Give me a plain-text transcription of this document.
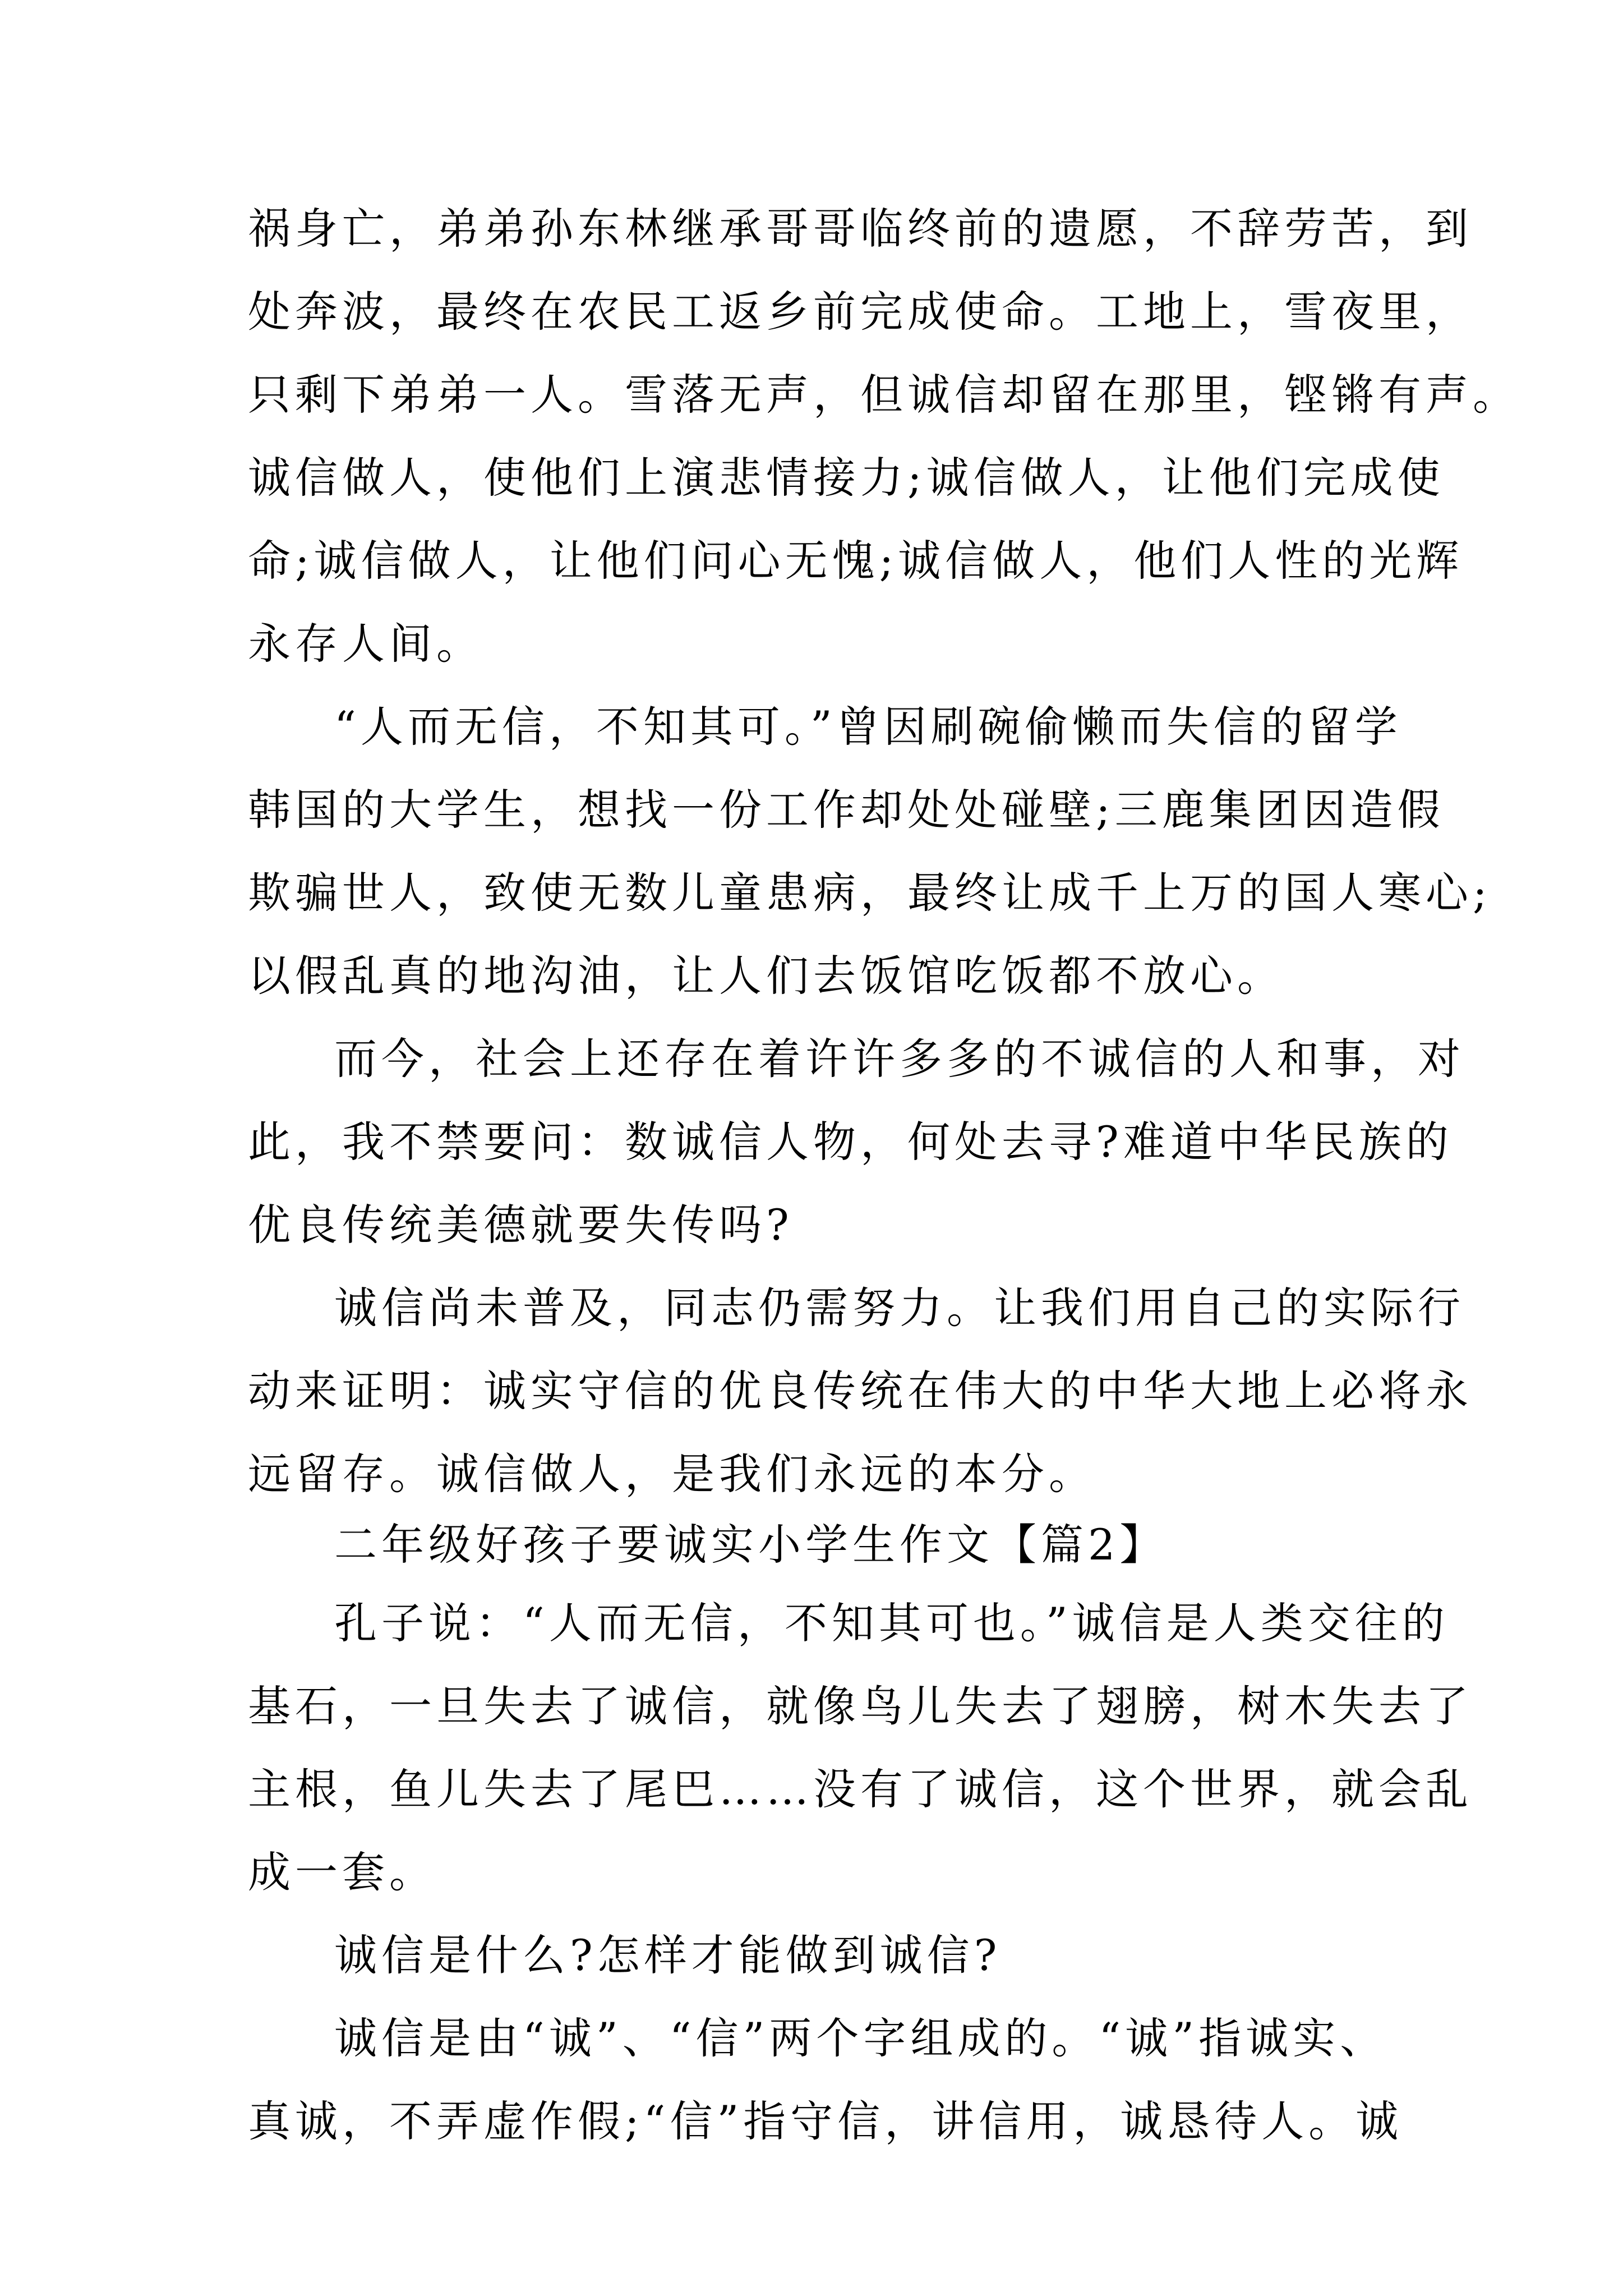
祸身亡，弟弟孙东林继承哥哥临终前的遗愿，不辞劳苦，到

处奔波，最终在农民工返乡前完成使命。工地上，雪夜里，

只剩下弟弟一人。雪落无声，但诚信却留在那里，铿锵有声。

诚信做人，使他们上演悲情接力;诚信做人，让他们完成使

命;诚信做人，让他们问心无愧;诚信做人，他们人性的光辉

永存人间。

“人而无信，不知其可。”曾因刷碗偷懒而失信的留学

韩国的大学生，想找一份工作却处处碰壁;三鹿集团因造假

欺骗世人，致使无数儿童患病，最终让成千上万的国人寒心;

以假乱真的地沟油，让人们去饭馆吃饭都不放心。

而今，社会上还存在着许许多多的不诚信的人和事，对

此，我不禁要问：数诚信人物，何处去寻?难道中华民族的

优良传统美德就要失传吗?

诚信尚未普及，同志仍需努力。让我们用自己的实际行

动来证明：诚实守信的优良传统在伟大的中华大地上必将永

远留存。诚信做人，是我们永远的本分。

二年级好孩子要诚实小学生作文【篇2】

孔子说：“人而无信，不知其可也。”诚信是人类交往的

基石，一旦失去了诚信，就像鸟儿失去了翅膀，树木失去了

主根，鱼儿失去了尾巴……没有了诚信，这个世界，就会乱

成一套。

诚信是什么?怎样才能做到诚信?

诚信是由“诚”、“信”两个字组成的。“诚”指诚实、

真诚，不弄虚作假;“信”指守信，讲信用，诚恳待人。诚
